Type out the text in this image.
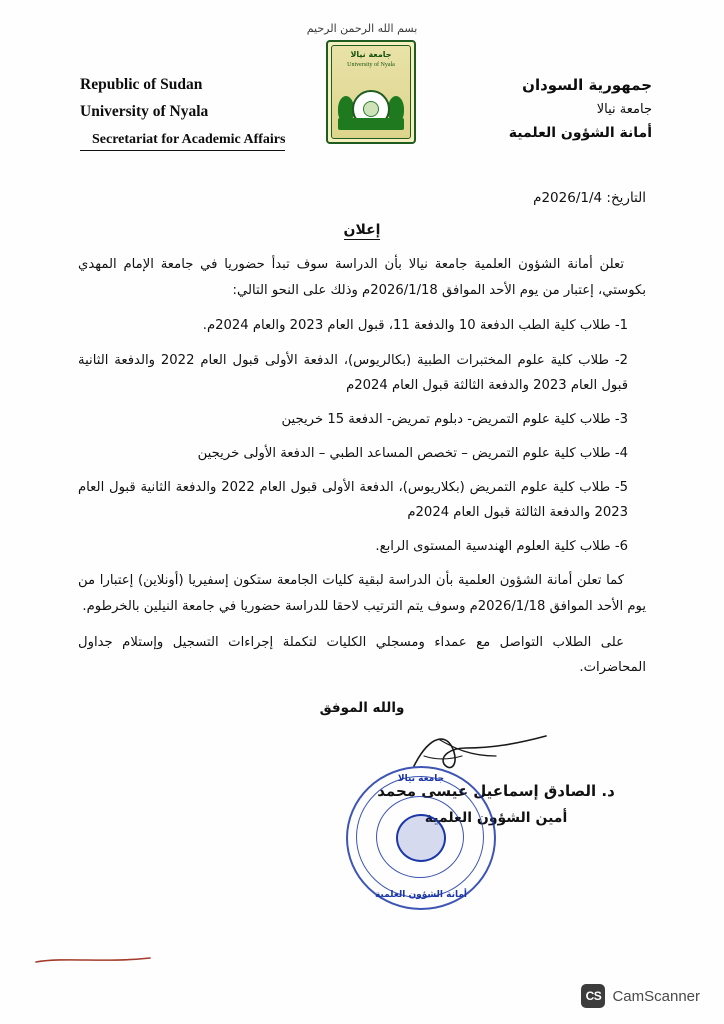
بسم الله الرحمن الرحيم
جامعة نيالا
University of Nyala
Republic of Sudan
University of Nyala
Secretariat for Academic Affairs
جمهورية السودان
جامعة نيالا
أمانة الشؤون العلمية
التاريخ: 2026/1/4م
إعلان

تعلن أمانة الشؤون العلمية جامعة نيالا بأن الدراسة سوف تبدأ حضوريا في جامعة الإمام المهدي بكوستي، إعتبار من يوم الأحد الموافق 2026/1/18م وذلك على النحو التالي:

1- طلاب كلية الطب الدفعة 10 والدفعة 11، قبول العام 2023 والعام 2024م.
2- طلاب كلية علوم المختبرات الطبية (بكالريوس)، الدفعة الأولى قبول العام 2022 والدفعة الثانية قبول العام 2023 والدفعة الثالثة قبول العام 2024م
3- طلاب كلية علوم التمريض- دبلوم تمريض- الدفعة 15 خريجين
4- طلاب كلية علوم التمريض – تخصص المساعد الطبي – الدفعة الأولى خريجين
5- طلاب كلية علوم التمريض (بكلاريوس)، الدفعة الأولى قبول العام 2022 والدفعة الثانية قبول العام 2023 والدفعة الثالثة قبول العام 2024م
6- طلاب كلية العلوم الهندسية المستوى الرابع.

كما تعلن أمانة الشؤون العلمية بأن الدراسة لبقية كليات الجامعة ستكون إسفيريا (أونلاين) إعتبارا من يوم الأحد الموافق 2026/1/18م وسوف يتم الترتيب لاحقا للدراسة حضوريا في جامعة النيلين بالخرطوم.

على الطلاب التواصل مع عمداء ومسجلي الكليات لتكملة إجراءات التسجيل وإستلام جداول المحاضرات.

والله الموفق
د. الصادق إسماعيل عيسى محمد
أمين الشؤون العلمية
جامعة نيالا
أمانة الشؤون العلمية
CS CamScanner
